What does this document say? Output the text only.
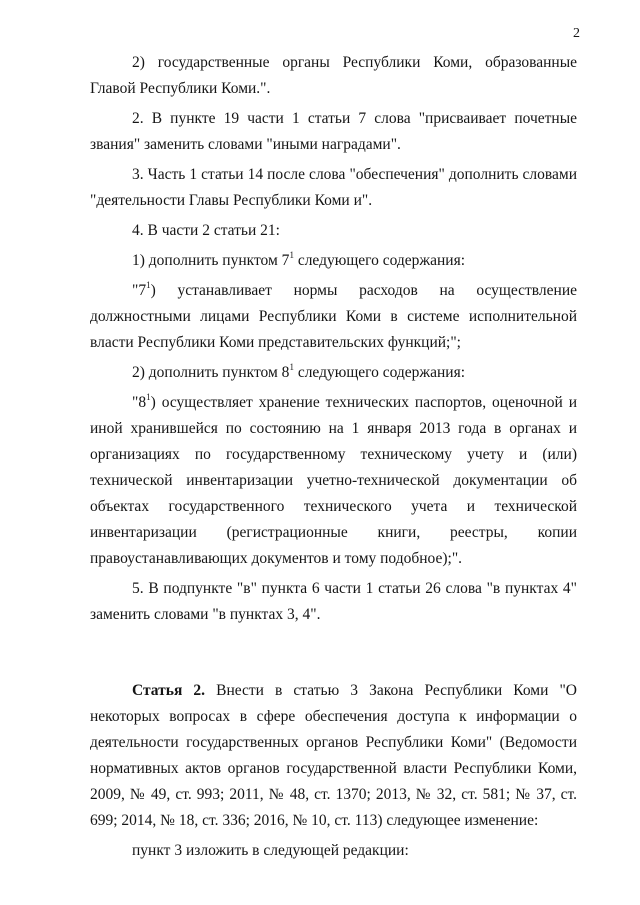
2

2) государственные органы Республики Коми, образованные Главой Республики Коми.".

2. В пункте 19 части 1 статьи 7 слова "присваивает почетные звания" заменить словами "иными наградами".

3. Часть 1 статьи 14 после слова "обеспечения" дополнить словами "деятельности Главы Республики Коми и".

4. В части 2 статьи 21:

1) дополнить пунктом $7^1$ следующего содержания:

"$7^1$) устанавливает нормы расходов на осуществление должностными лицами Республики Коми в системе исполнительной власти Республики Коми представительских функций;";

2) дополнить пунктом $8^1$ следующего содержания:

"$8^1$) осуществляет хранение технических паспортов, оценочной и иной хранившейся по состоянию на 1 января 2013 года в органах и организациях по государственному техническому учету и (или) технической инвентаризации учетно-технической документации об объектах государственного технического учета и технической инвентаризации (регистрационные книги, реестры, копии правоустанавливающих документов и тому подобное);".

5. В подпункте "в" пункта 6 части 1 статьи 26 слова "в пунктах 4" заменить словами "в пунктах 3, 4".

Статья 2. Внести в статью 3 Закона Республики Коми "О некоторых вопросах в сфере обеспечения доступа к информации о деятельности государственных органов Республики Коми" (Ведомости нормативных актов органов государственной власти Республики Коми, 2009, № 49, ст. 993; 2011, № 48, ст. 1370; 2013, № 32, ст. 581; № 37, ст. 699; 2014, № 18, ст. 336; 2016, № 10, ст. 113) следующее изменение:

пункт 3 изложить в следующей редакции:
